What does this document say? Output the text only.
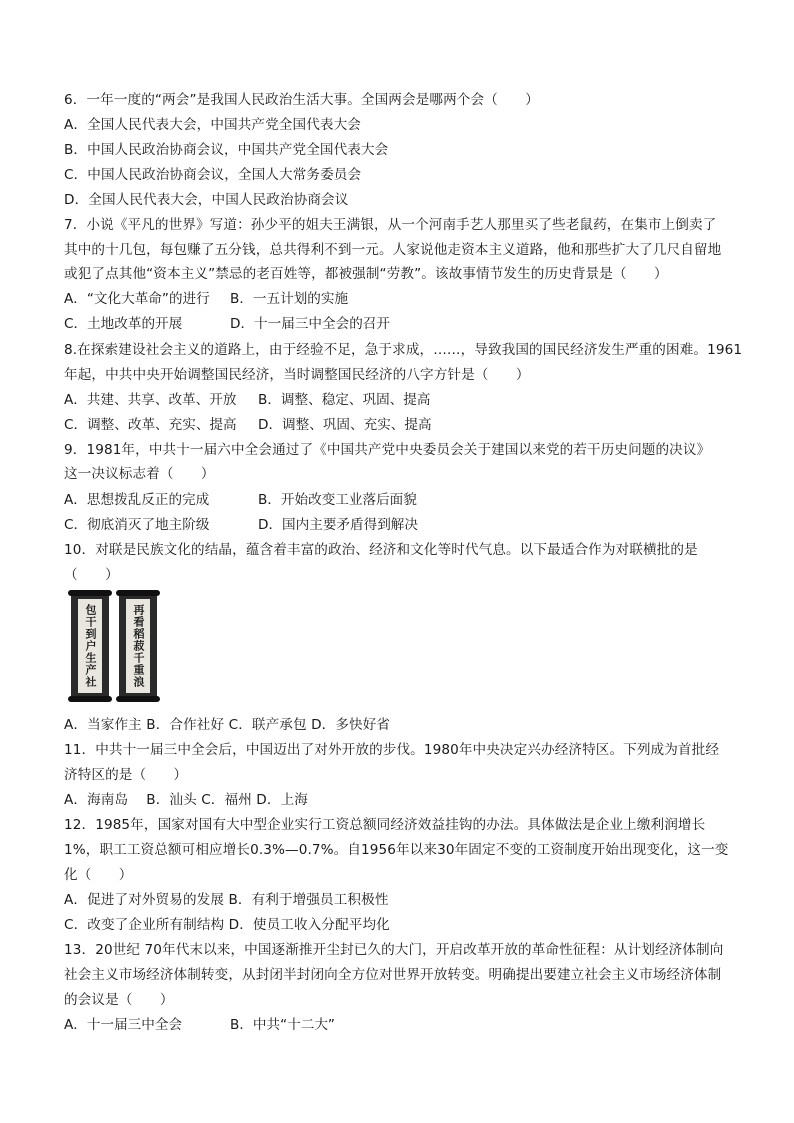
6．一年一度的“两会”是我国人民政治生活大事。全国两会是哪两个会（　　）
A．全国人民代表大会，中国共产党全国代表大会
B．中国人民政治协商会议，中国共产党全国代表大会
C．中国人民政治协商会议，全国人大常务委员会
D．全国人民代表大会，中国人民政治协商会议
7．小说《平凡的世界》写道：孙少平的姐夫王满银，从一个河南手艺人那里买了些老鼠药，在集市上倒卖了
其中的十几包，每包赚了五分钱，总共得利不到一元。人家说他走资本主义道路，他和那些扩大了几尺自留地
或犯了点其他“资本主义”禁忌的老百姓等，都被强制“劳教”。该故事情节发生的历史背景是（　　）
A．“文化大革命”的进行 B．一五计划的实施
C．土地改革的开展	D．十一届三中全会的召开
8.在探索建设社会主义的道路上，由于经验不足，急于求成，……，导致我国的国民经济发生严重的困难。1961
年起，中共中央开始调整国民经济，当时调整国民经济的八字方针是（　　）
A．共建、共享、改革、开放 B．调整、稳定、巩固、提高
C．调整、改革、充实、提高 D．调整、巩固、充实、提高
9．1981年，中共十一届六中全会通过了《中国共产党中央委员会关于建国以来党的若干历史问题的决议》
这一决议标志着（　　）
A．思想拨乱反正的完成	B．开始改变工业落后面貌
C．彻底消灭了地主阶级	D．国内主要矛盾得到解决
10．对联是民族文化的结晶，蕴含着丰富的政治、经济和文化等时代气息。以下最适合作为对联横批的是
（　　）
包干到户生产社	再看稻菽千重浪
A．当家作主 B．合作社好 C．联产承包 D．多快好省
11．中共十一届三中全会后，中国迈出了对外开放的步伐。1980年中央决定兴办经济特区。下列成为首批经
济特区的是（　　）
A．海南岛　 B．汕头 C．福州 D．上海
12．1985年，国家对国有大中型企业实行工资总额同经济效益挂钩的办法。具体做法是企业上缴利润增长
1%，职工工资总额可相应增长0.3%—0.7%。自1956年以来30年固定不变的工资制度开始出现变化，这一变
化（　　）
A．促进了对外贸易的发展 B．有利于增强员工积极性
C．改变了企业所有制结构 D．使员工收入分配平均化
13．20世纪 70年代末以来，中国逐渐推开尘封已久的大门，开启改革开放的革命性征程：从计划经济体制向
社会主义市场经济体制转变，从封闭半封闭向全方位对世界开放转变。明确提出要建立社会主义市场经济体制
的会议是（　　）
A．十一届三中全会	B．中共“十二大”
